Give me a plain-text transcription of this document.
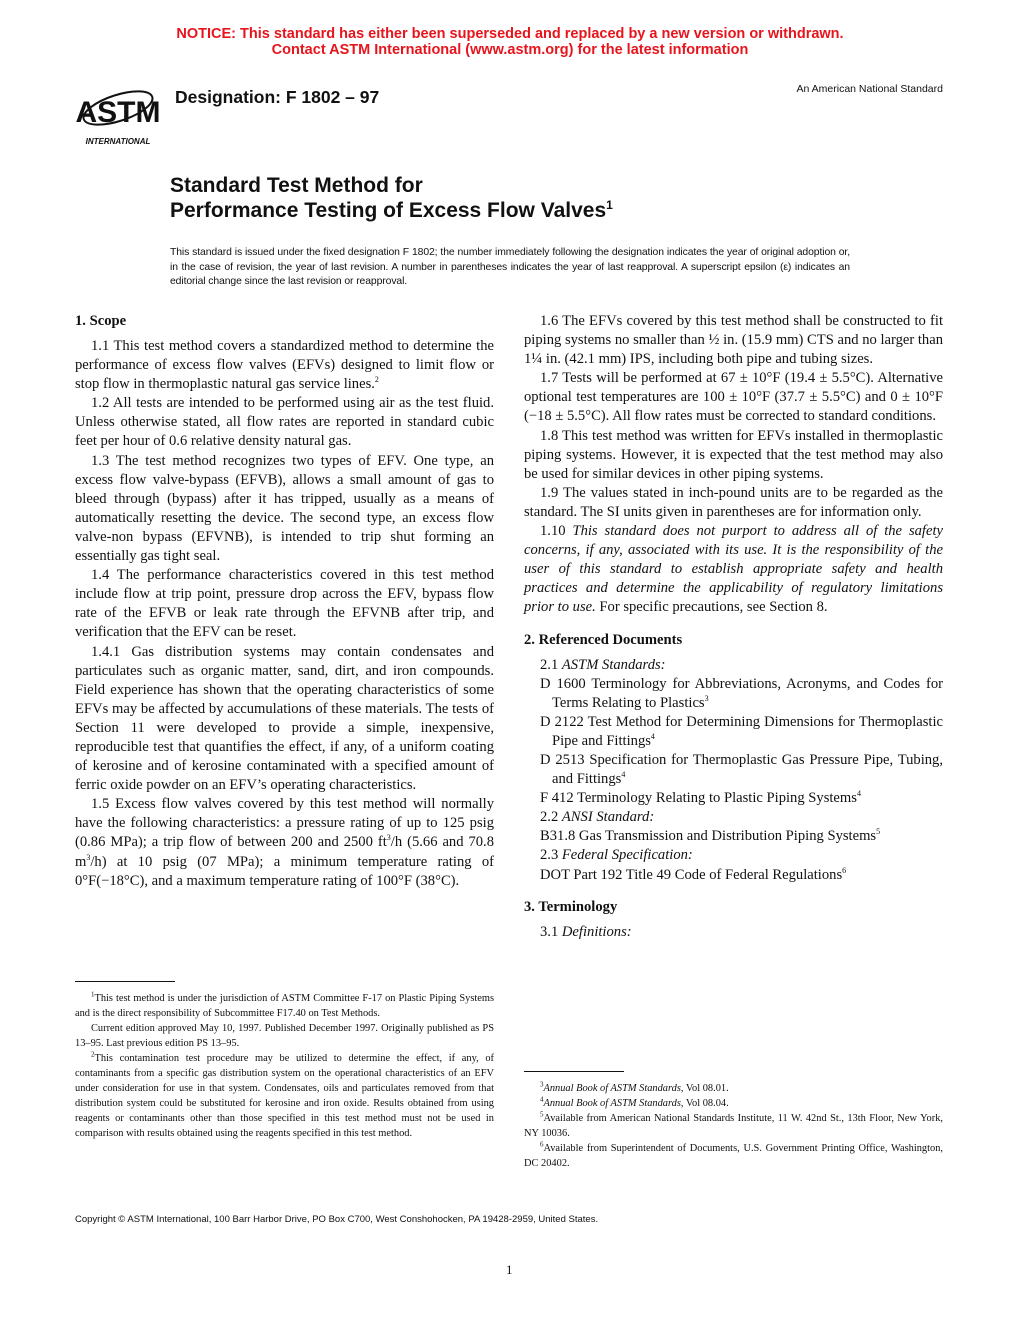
NOTICE: This standard has either been superseded and replaced by a new version or withdrawn.
Contact ASTM International (www.astm.org) for the latest information
ASTM
INTERNATIONAL
Designation: F 1802 – 97	An American National Standard
Standard Test Method for
Performance Testing of Excess Flow Valves$^1$
This standard is issued under the fixed designation F 1802; the number immediately following the designation indicates the year of original adoption or, in the case of revision, the year of last revision. A number in parentheses indicates the year of last reapproval. A superscript epsilon (ε) indicates an editorial change since the last revision or reapproval.
1. Scope

1.1 This test method covers a standardized method to determine the performance of excess flow valves (EFVs) designed to limit flow or stop flow in thermoplastic natural gas service lines.$^2$

1.2 All tests are intended to be performed using air as the test fluid. Unless otherwise stated, all flow rates are reported in standard cubic feet per hour of 0.6 relative density natural gas.

1.3 The test method recognizes two types of EFV. One type, an excess flow valve-bypass (EFVB), allows a small amount of gas to bleed through (bypass) after it has tripped, usually as a means of automatically resetting the device. The second type, an excess flow valve-non bypass (EFVNB), is intended to trip shut forming an essentially gas tight seal.

1.4 The performance characteristics covered in this test method include flow at trip point, pressure drop across the EFV, bypass flow rate of the EFVB or leak rate through the EFVNB after trip, and verification that the EFV can be reset.

1.4.1 Gas distribution systems may contain condensates and particulates such as organic matter, sand, dirt, and iron compounds. Field experience has shown that the operating characteristics of some EFVs may be affected by accumulations of these materials. The tests of Section 11 were developed to provide a simple, inexpensive, reproducible test that quantifies the effect, if any, of a uniform coating of kerosine and of kerosine contaminated with a specified amount of ferric oxide powder on an EFV’s operating characteristics.

1.5 Excess flow valves covered by this test method will normally have the following characteristics: a pressure rating of up to 125 psig (0.86 MPa); a trip flow of between 200 and 2500 $ft^3/h$ (5.66 and 70.8 $m^3/h$) at 10 psig (07 MPa); a minimum temperature rating of 0°F(−18°C), and a maximum temperature rating of 100°F (38°C).

1.6 The EFVs covered by this test method shall be constructed to fit piping systems no smaller than ½ in. (15.9 mm) CTS and no larger than 1¼ in. (42.1 mm) IPS, including both pipe and tubing sizes.

1.7 Tests will be performed at 67 ± 10°F (19.4 ± 5.5°C). Alternative optional test temperatures are 100 ± 10°F (37.7 ± 5.5°C) and 0 ± 10°F (−18 ± 5.5°C). All flow rates must be corrected to standard conditions.

1.8 This test method was written for EFVs installed in thermoplastic piping systems. However, it is expected that the test method may also be used for similar devices in other piping systems.

1.9 The values stated in inch-pound units are to be regarded as the standard. The SI units given in parentheses are for information only.

1.10 This standard does not purport to address all of the safety concerns, if any, associated with its use. It is the responsibility of the user of this standard to establish appropriate safety and health practices and determine the applicability of regulatory limitations prior to use. For specific precautions, see Section 8.

2. Referenced Documents

2.1 ASTM Standards:

D 1600 Terminology for Abbreviations, Acronyms, and Codes for Terms Relating to Plastics$^3$

D 2122 Test Method for Determining Dimensions for Thermoplastic Pipe and Fittings$^4$

D 2513 Specification for Thermoplastic Gas Pressure Pipe, Tubing, and Fittings$^4$

F 412 Terminology Relating to Plastic Piping Systems$^4$

2.2 ANSI Standard:

B31.8 Gas Transmission and Distribution Piping Systems$^5$

2.3 Federal Specification:

DOT Part 192 Title 49 Code of Federal Regulations$^6$

3. Terminology

3.1 Definitions:

$^1$This test method is under the jurisdiction of ASTM Committee F-17 on Plastic Piping Systems and is the direct responsibility of Subcommittee F17.40 on Test Methods.

Current edition approved May 10, 1997. Published December 1997. Originally published as PS 13–95. Last previous edition PS 13–95.

$^2$This contamination test procedure may be utilized to determine the effect, if any, of contaminants from a specific gas distribution system on the operational characteristics of an EFV under consideration for use in that system. Condensates, oils and particulates removed from that distribution system could be substituted for kerosine and iron oxide. Results obtained from using reagents or contaminants other than those specified in this test method must not be used in comparison with results obtained using the reagents specified in this test method.

$^3$Annual Book of ASTM Standards, Vol 08.01.

$^4$Annual Book of ASTM Standards, Vol 08.04.

$^5$Available from American National Standards Institute, 11 W. 42nd St., 13th Floor, New York, NY 10036.

$^6$Available from Superintendent of Documents, U.S. Government Printing Office, Washington, DC 20402.

Copyright © ASTM International, 100 Barr Harbor Drive, PO Box C700, West Conshohocken, PA 19428-2959, United States.
1
